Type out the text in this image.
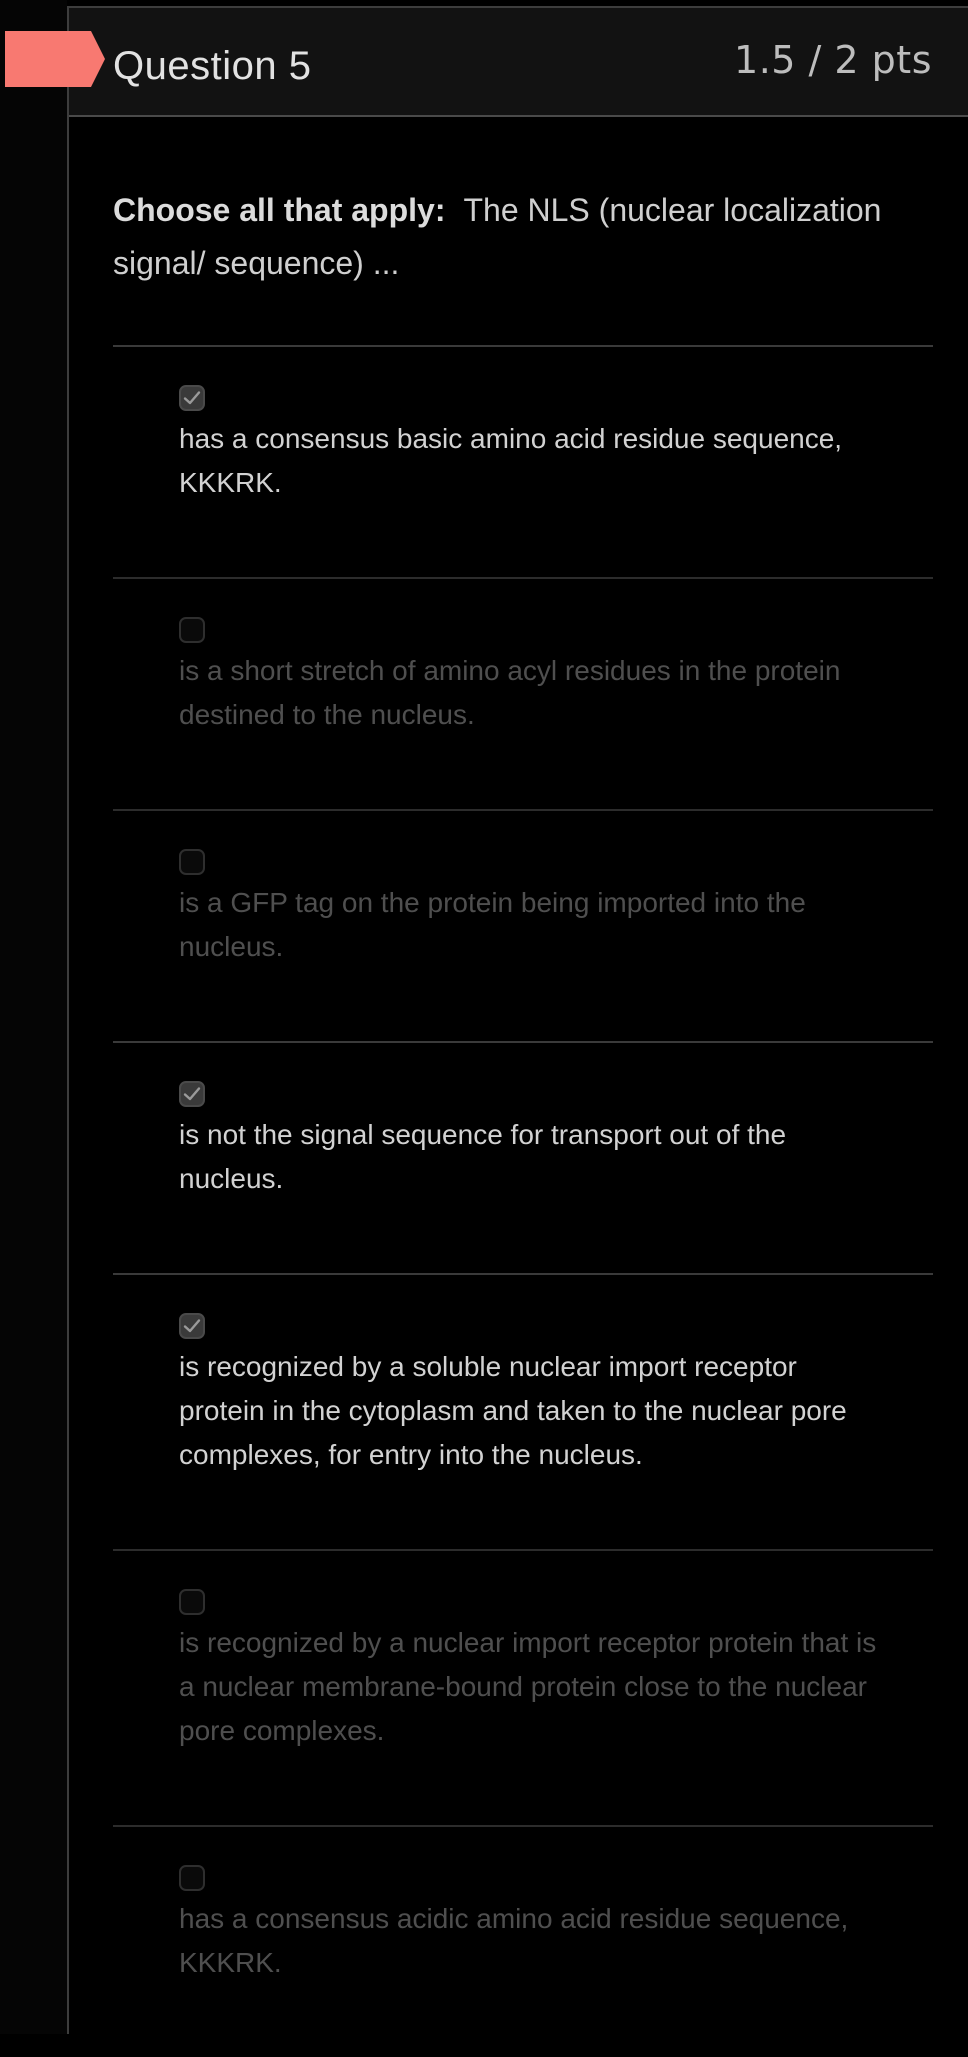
Question 5	1.5 / 2 pts
Choose all that apply: The NLS (nuclear localization signal/ sequence) ...
has a consensus basic amino acid residue sequence, KKKRK.
is a short stretch of amino acyl residues in the protein destined to the nucleus.
is a GFP tag on the protein being imported into the nucleus.
is not the signal sequence for transport out of the nucleus.
is recognized by a soluble nuclear import receptor protein in the cytoplasm and taken to the nuclear pore complexes, for entry into the nucleus.
is recognized by a nuclear import receptor protein that is a nuclear membrane-bound protein close to the nuclear pore complexes.
has a consensus acidic amino acid residue sequence, KKKRK.
